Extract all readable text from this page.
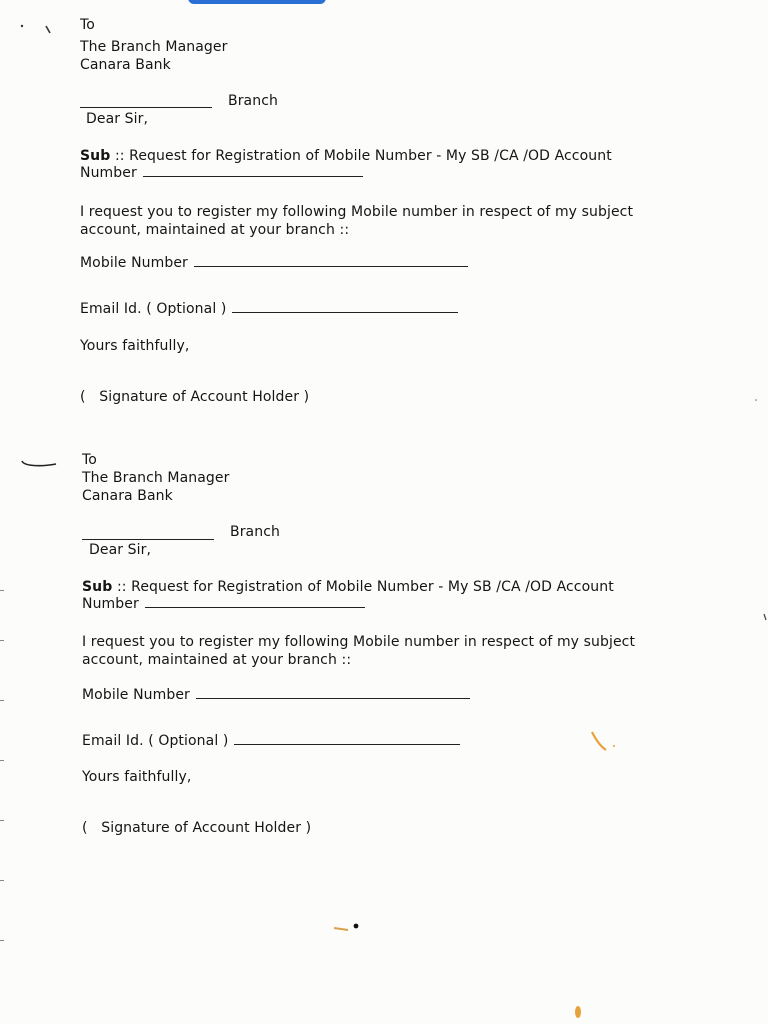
To
The Branch Manager
Canara Bank
Branch
Dear Sir,
Sub :: Request for Registration of Mobile Number - My SB /CA /OD Account
Number
I request you to register my following Mobile number in respect of my subject
account, maintained at your branch ::
Mobile Number
Email Id. ( Optional )
Yours faithfully,
(   Signature of Account Holder )
To
The Branch Manager
Canara Bank
Branch
Dear Sir,
Sub :: Request for Registration of Mobile Number - My SB /CA /OD Account
Number
I request you to register my following Mobile number in respect of my subject
account, maintained at your branch ::
Mobile Number
Email Id. ( Optional )
Yours faithfully,
(   Signature of Account Holder )
